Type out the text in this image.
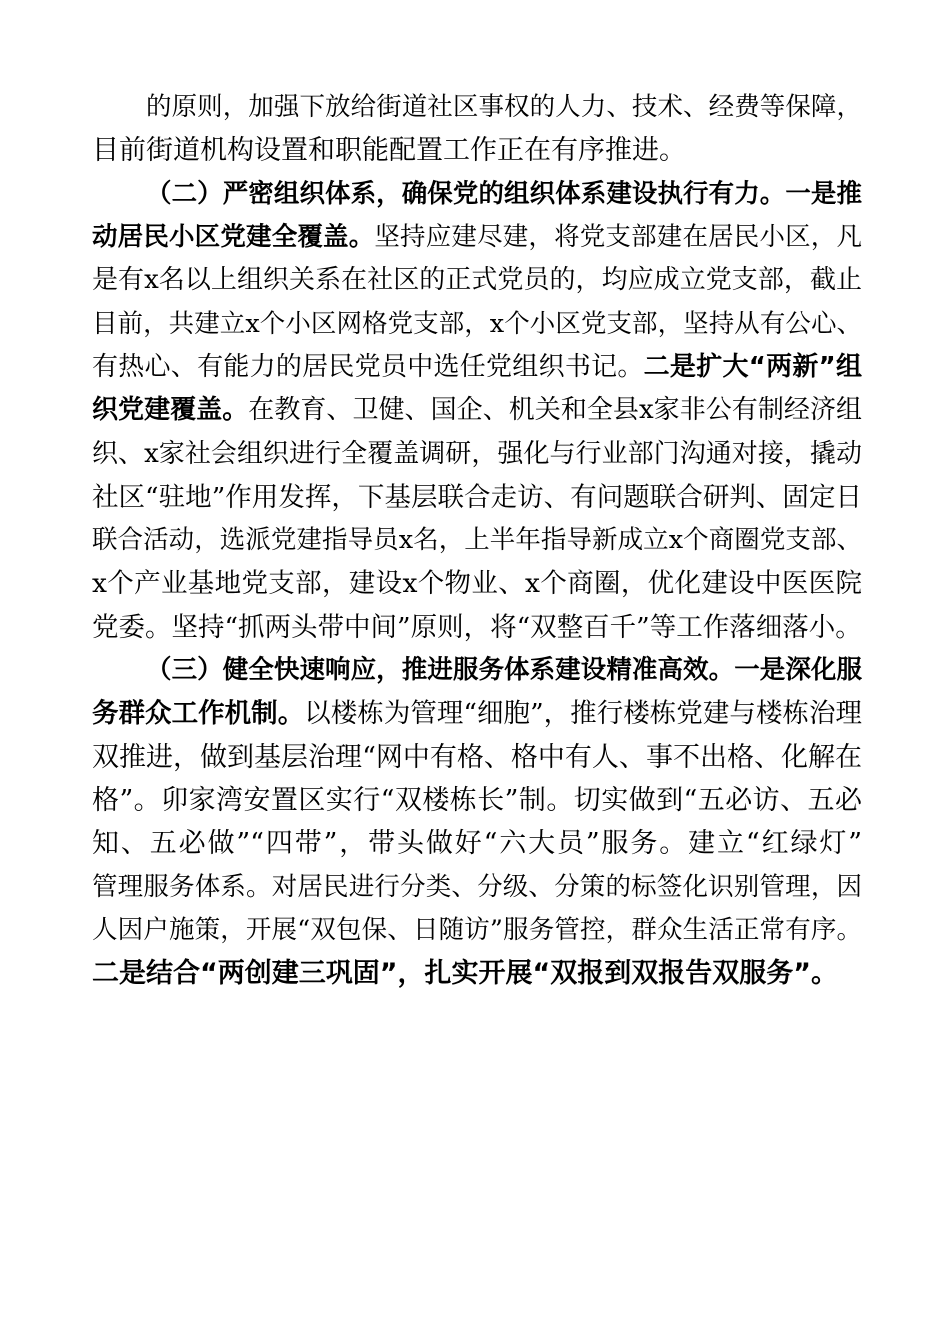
的原则，加强下放给街道社区事权的人力、技术、经费等保障，
目前街道机构设置和职能配置工作正在有序推进。
（二）严密组织体系，确保党的组织体系建设执行有力。一是推
动居民小区党建全覆盖。坚持应建尽建，将党支部建在居民小区，凡
是有x名以上组织关系在社区的正式党员的，均应成立党支部，截止
目前，共建立x个小区网格党支部，x个小区党支部，坚持从有公心、
有热心、有能力的居民党员中选任党组织书记。二是扩大“两新”组
织党建覆盖。在教育、卫健、国企、机关和全县x家非公有制经济组
织、x家社会组织进行全覆盖调研，强化与行业部门沟通对接，撬动
社区“驻地”作用发挥，下基层联合走访、有问题联合研判、固定日
联合活动，选派党建指导员x名，上半年指导新成立x个商圈党支部、
x个产业基地党支部，建设x个物业、x个商圈，优化建设中医医院
党委。坚持“抓两头带中间”原则，将“双整百千”等工作落细落小。
（三）健全快速响应，推进服务体系建设精准高效。一是深化服
务群众工作机制。以楼栋为管理“细胞”，推行楼栋党建与楼栋治理
双推进，做到基层治理“网中有格、格中有人、事不出格、化解在
格”。卯家湾安置区实行“双楼栋长”制。切实做到“五必访、五必
知、五必做”“四带”，带头做好“六大员”服务。建立“红绿灯”
管理服务体系。对居民进行分类、分级、分策的标签化识别管理，因
人因户施策，开展“双包保、日随访”服务管控，群众生活正常有序。
二是结合“两创建三巩固”，扎实开展“双报到双报告双服务”。
